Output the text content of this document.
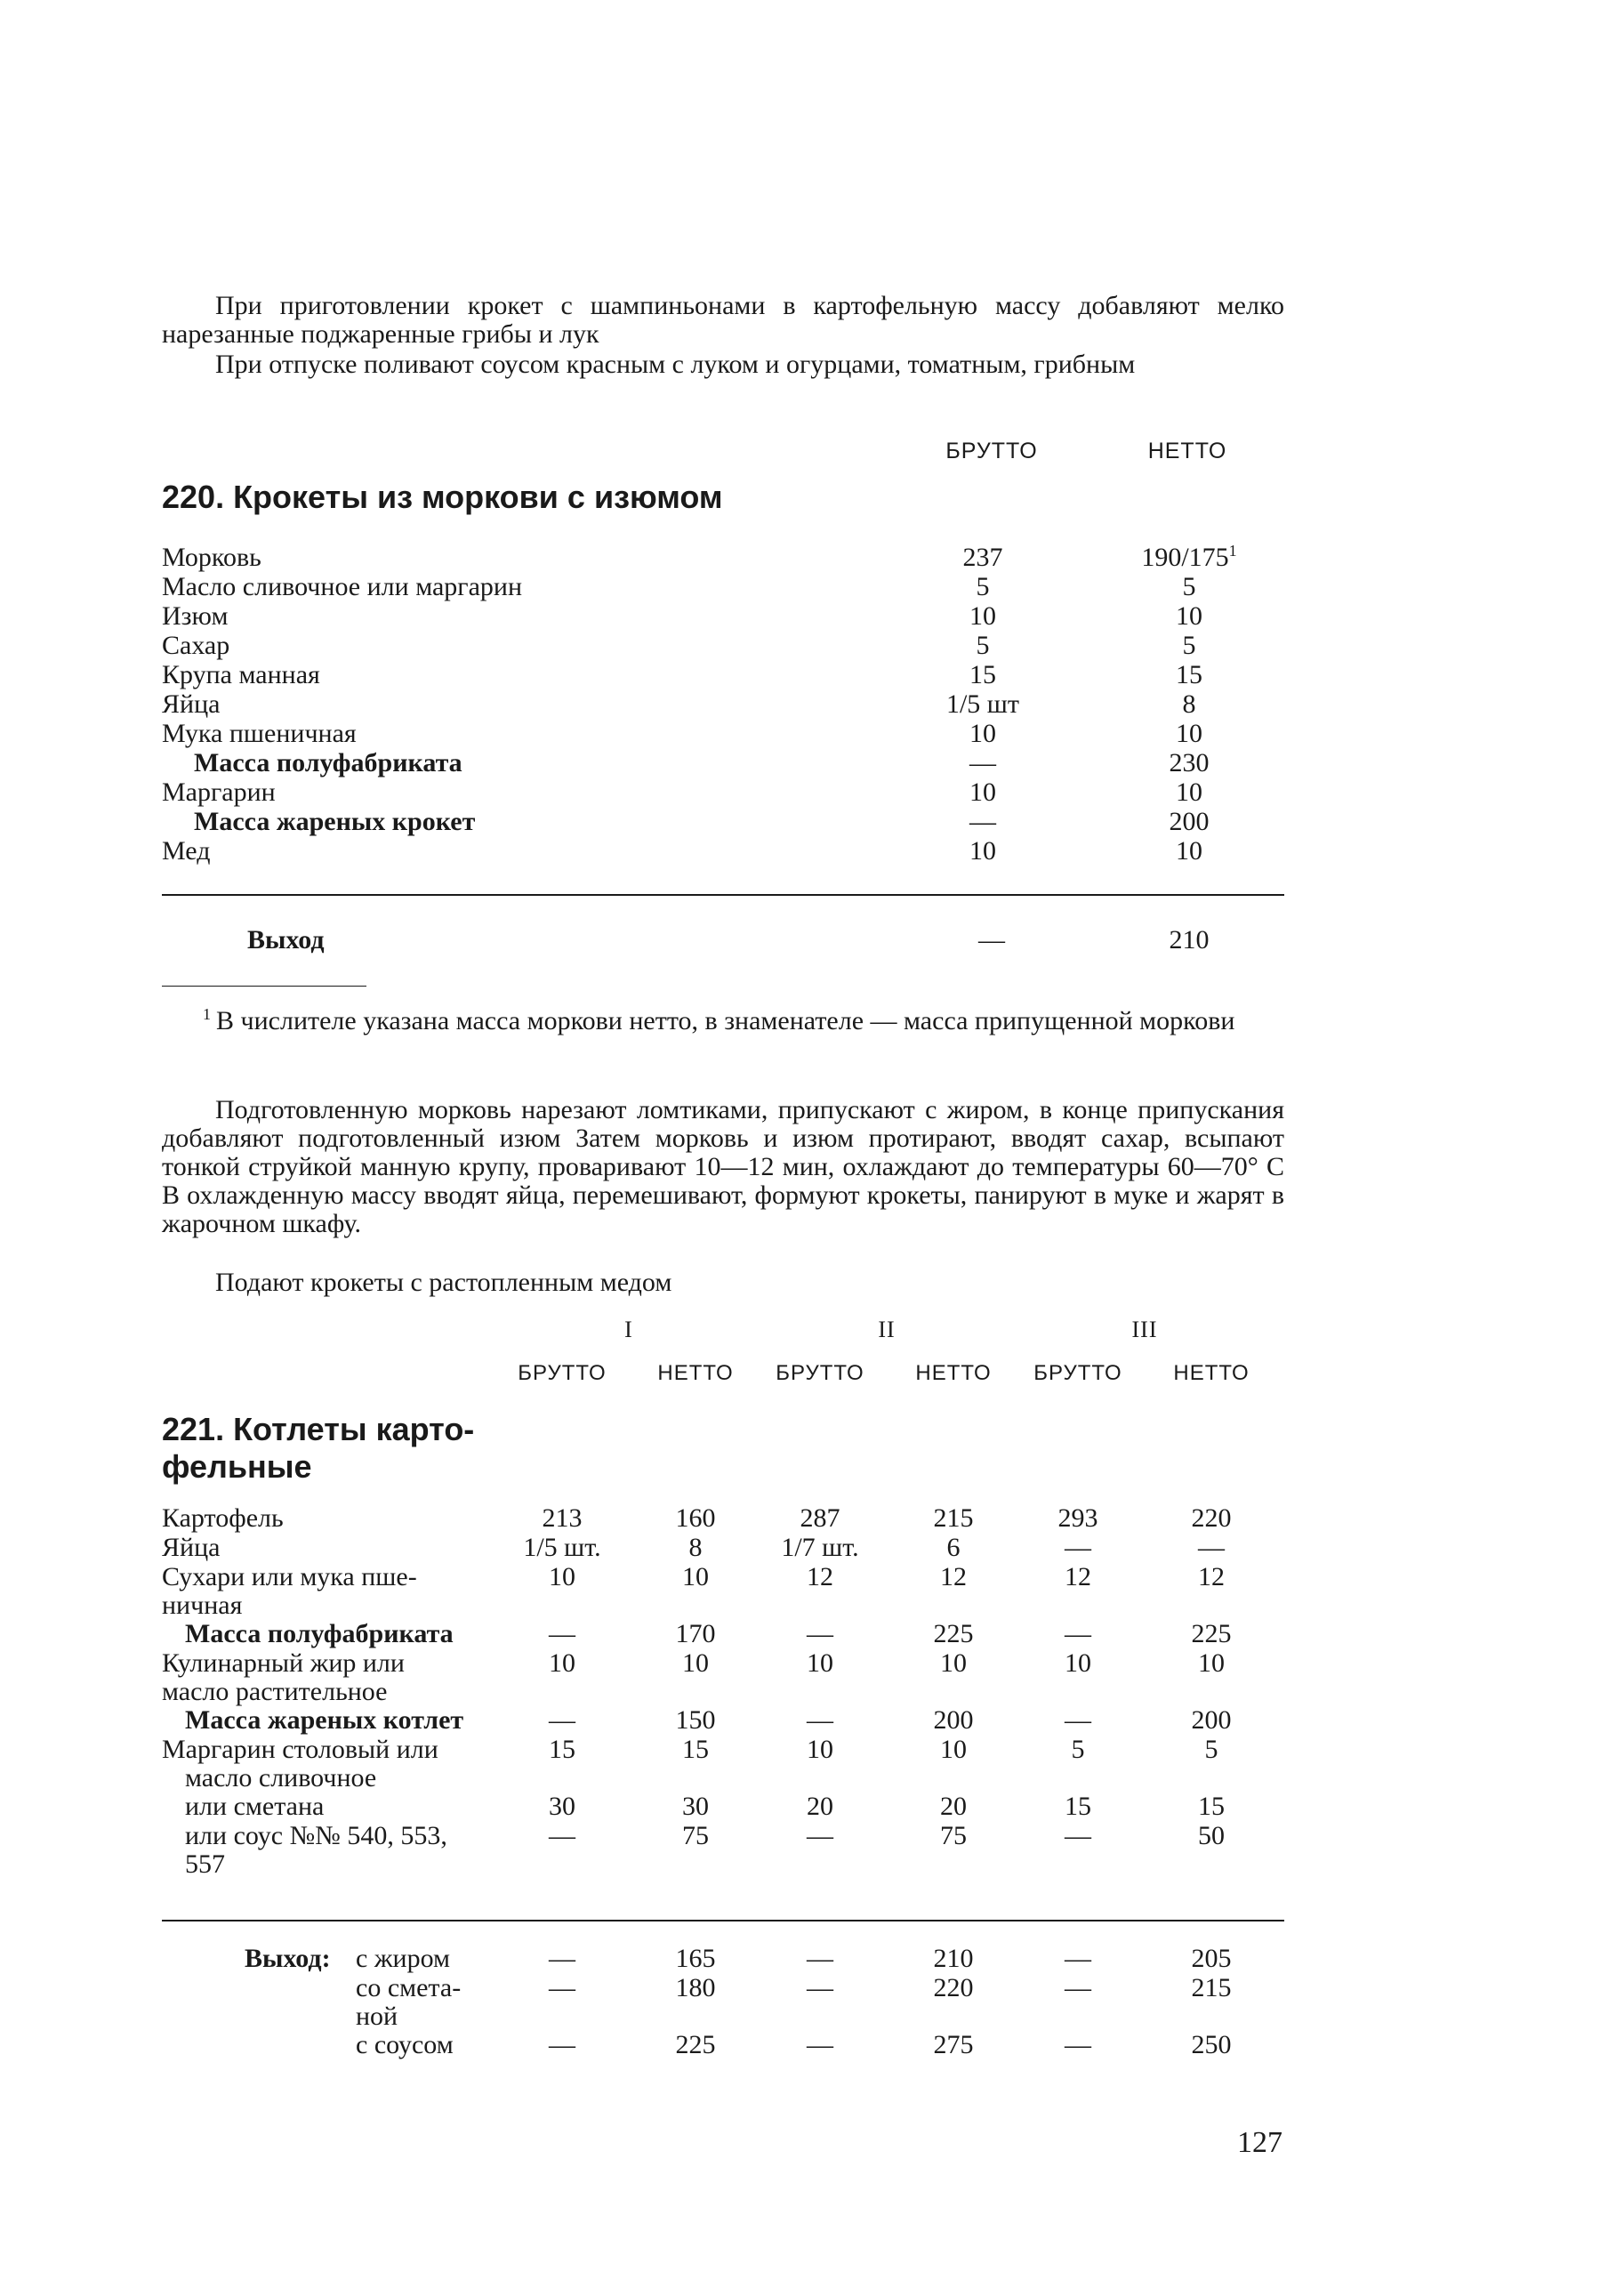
При приготовлении крокет с шампиньонами в картофельную массу добавляют мелко нарезанные поджаренные грибы и лук
При отпуске поливают соусом красным с луком и огурцами, томатным, грибным
БРУТТО	НЕТТО
220. Крокеты из моркови с изюмом
Морковь	237	$190/175^1$
Масло сливочное или маргарин	5	5
Изюм	10	10
Сахар	5	5
Крупа манная	15	15
Яйца	1/5 шт	8
Мука пшеничная	10	10
Масса полуфабриката	—	230
Маргарин	10	10
Масса жареных крокет	—	200
Мед	10	10
Выход	—	210
$^1$ В числителе указана масса моркови нетто, в знаменателе — масса припущенной моркови
Подготовленную морковь нарезают ломтиками, припускают с жиром, в конце припускания добавляют подготовленный изюм Затем морковь и изюм протирают, вводят сахар, всыпают тонкой струйкой манную крупу, проваривают 10—12 мин, охлаждают до температуры 60—70° С В охлажденную массу вводят яйца, перемешивают, формуют крокеты, панируют в муке и жарят в жарочном шкафу.
Подают крокеты с растопленным медом
I	II	III
БРУТТО	НЕТТО	БРУТТО	НЕТТО	БРУТТО	НЕТТО
221. Котлеты карто-
фельные
Картофель	213	160	287	215	293	220
Яйца	1/5 шт.	8	1/7 шт.	6	—	—
Сухари или мука пше-
ничная
10	10	12	12	12	12
Масса полуфабриката	—	170	—	225	—	225
Кулинарный жир или
масло растительное
10	10	10	10	10	10
Масса жареных котлет	—	150	—	200	—	200
Маргарин столовый или
масло сливочное
15	15	10	10	5	5
или сметана	30	30	20	20	15	15
или соус №№ 540, 553,
557
—	75	—	75	—	50
Выход: с жиром	—	165	—	210	—	205
со смета-
ной
—	180	—	220	—	215
с соусом	—	225	—	275	—	250
127
